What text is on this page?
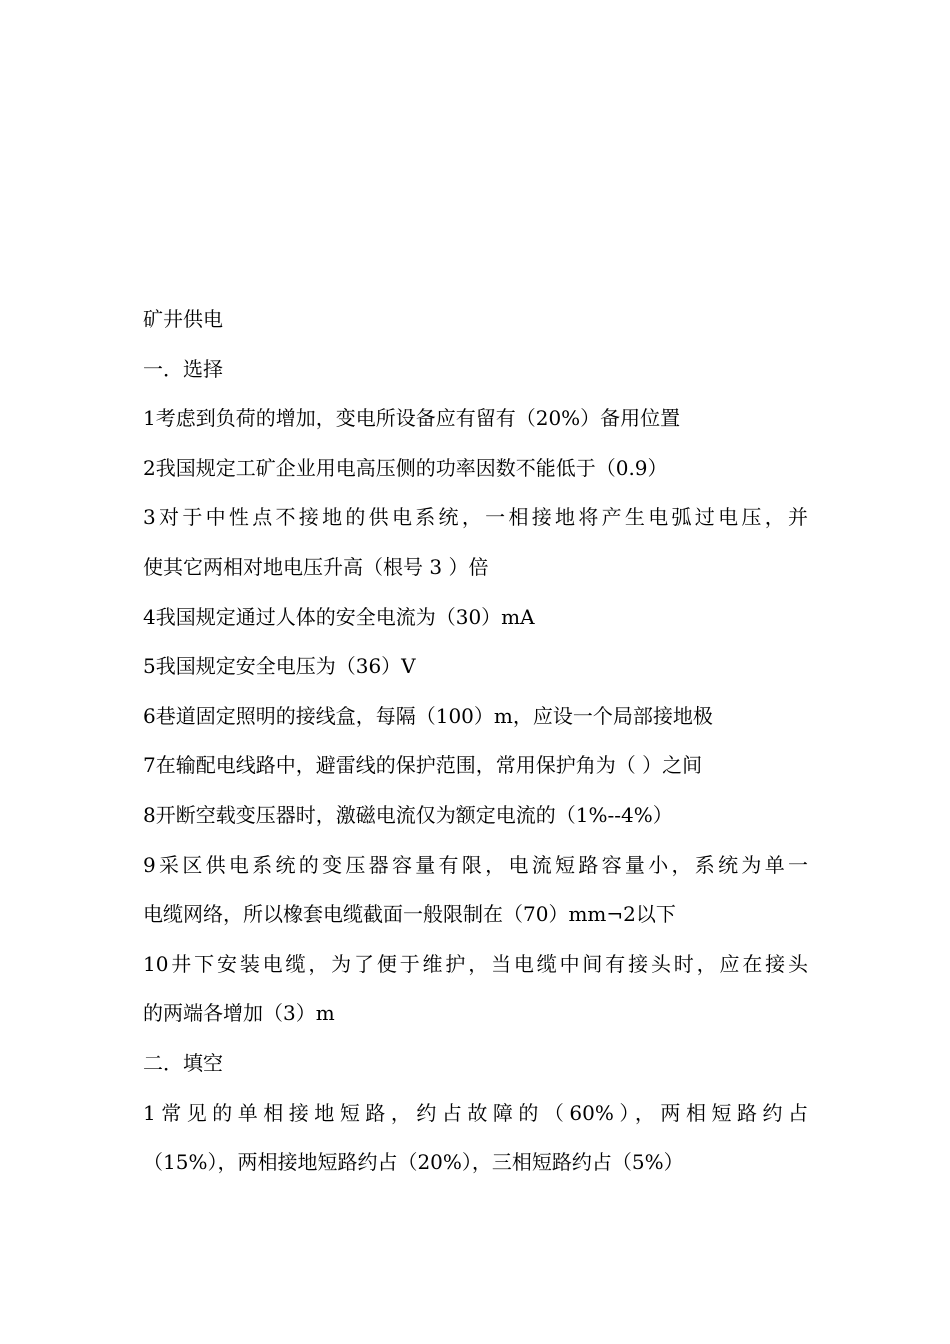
矿井供电
一．选择
1考虑到负荷的增加，变电所设备应有留有（20%）备用位置
2我国规定工矿企业用电高压侧的功率因数不能低于（0.9）
3对于中性点不接地的供电系统，一相接地将产生电弧过电压，并
使其它两相对地电压升高（根号 3 ）倍
4我国规定通过人体的安全电流为（30）mA
5我国规定安全电压为（36）V
6巷道固定照明的接线盒，每隔（100）m，应设一个局部接地极
7在输配电线路中，避雷线的保护范围，常用保护角为（ ）之间
8开断空载变压器时，激磁电流仅为额定电流的（1%--4%）
9采区供电系统的变压器容量有限，电流短路容量小，系统为单一
电缆网络，所以橡套电缆截面一般限制在（70）mm¬2以下
10井下安装电缆，为了便于维护，当电缆中间有接头时，应在接头
的两端各增加（3）m
二．填空
1常见的单相接地短路，约占故障的（60%），两相短路约占
（15%），两相接地短路约占（20%），三相短路约占（5%）
